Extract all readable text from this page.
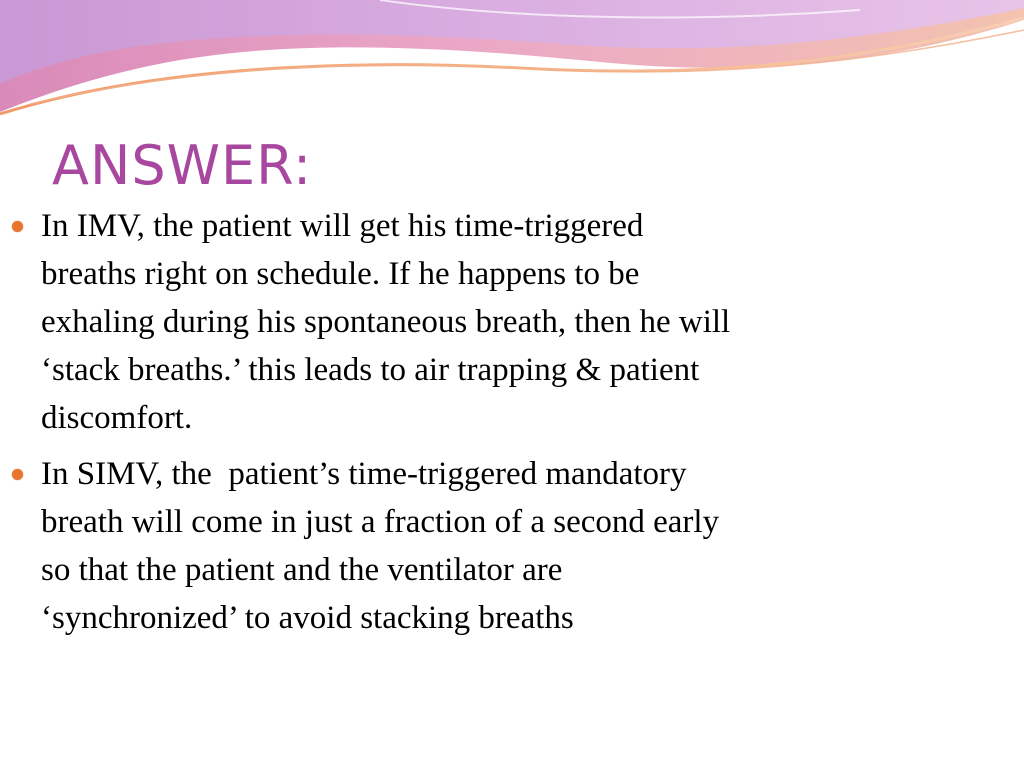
ANSWER:
In IMV, the patient will get his time-triggered
breaths right on schedule. If he happens to be
exhaling during his spontaneous breath, then he will
‘stack breaths.’ this leads to air trapping & patient
discomfort.
In SIMV, the  patient’s time-triggered mandatory
breath will come in just a fraction of a second early
so that the patient and the ventilator are
‘synchronized’ to avoid stacking breaths
